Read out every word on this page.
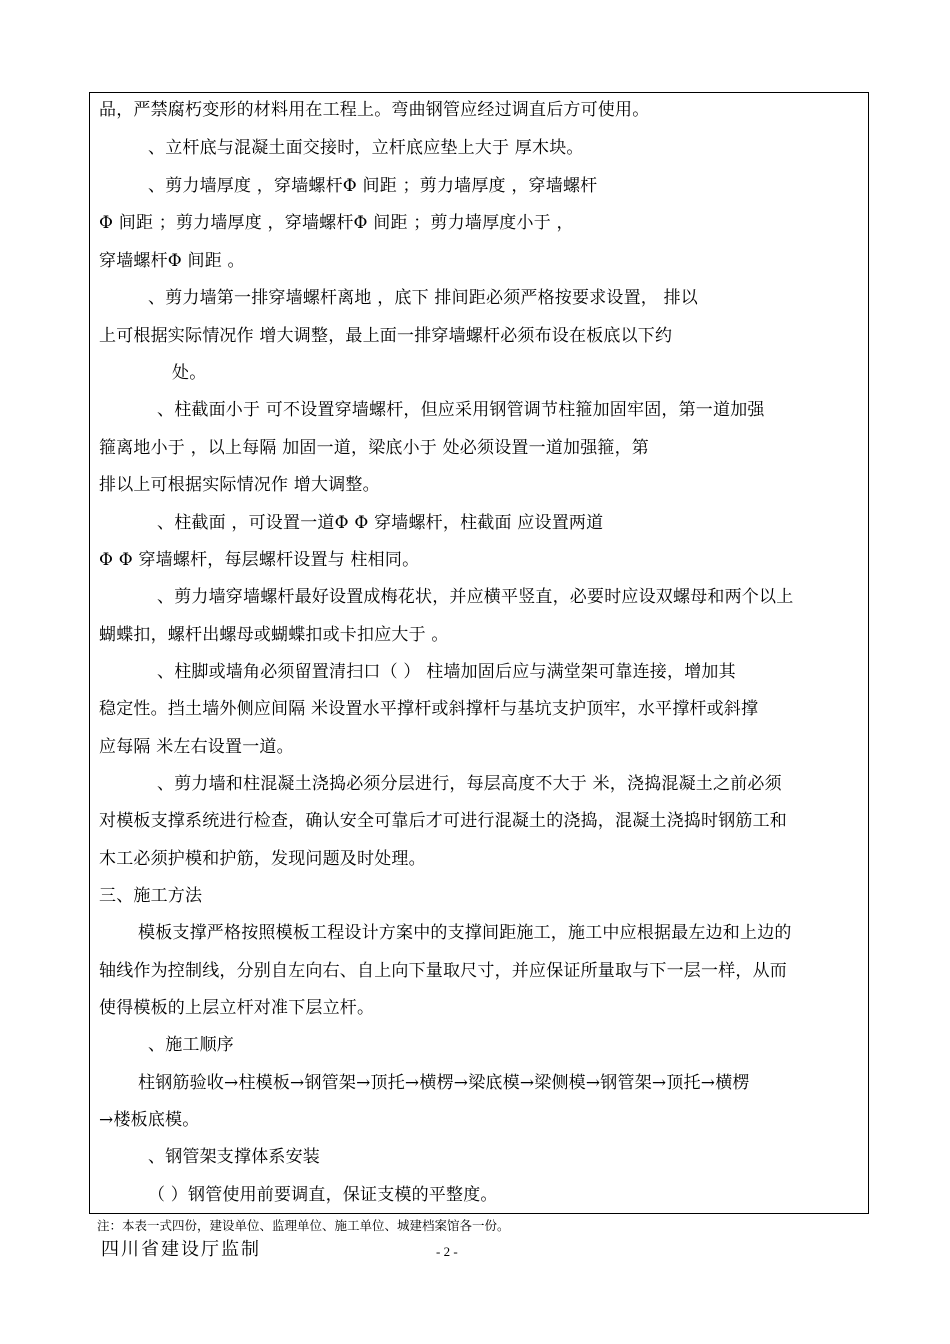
品，严禁腐朽变形的材料用在工程上。弯曲钢管应经过调直后方可使用。
、立杆底与混凝土面交接时，立杆底应垫上大于 厚木块。
、剪力墙厚度 ，穿墙螺杆Φ 间距 ；剪力墙厚度 ，穿墙螺杆
Φ 间距 ；剪力墙厚度 ，穿墙螺杆Φ 间距 ；剪力墙厚度小于 ，
穿墙螺杆Φ 间距 。
、剪力墙第一排穿墙螺杆离地 ，底下 排间距必须严格按要求设置， 排以
上可根据实际情况作 增大调整，最上面一排穿墙螺杆必须布设在板底以下约
处。
、柱截面小于 可不设置穿墙螺杆，但应采用钢管调节柱箍加固牢固，第一道加强
箍离地小于 ，以上每隔 加固一道，梁底小于 处必须设置一道加强箍，第
排以上可根据实际情况作 增大调整。
、柱截面 ，可设置一道Φ Φ 穿墙螺杆，柱截面 应设置两道
Φ Φ 穿墙螺杆，每层螺杆设置与 柱相同。
、剪力墙穿墙螺杆最好设置成梅花状，并应横平竖直，必要时应设双螺母和两个以上
蝴蝶扣，螺杆出螺母或蝴蝶扣或卡扣应大于 。
、柱脚或墙角必须留置清扫口（ ） 柱墙加固后应与满堂架可靠连接，增加其
稳定性。挡土墙外侧应间隔 米设置水平撑杆或斜撑杆与基坑支护顶牢，水平撑杆或斜撑
应每隔 米左右设置一道。
、剪力墙和柱混凝土浇捣必须分层进行，每层高度不大于 米，浇捣混凝土之前必须
对模板支撑系统进行检查，确认安全可靠后才可进行混凝土的浇捣，混凝土浇捣时钢筋工和
木工必须护模和护筋，发现问题及时处理。
三、施工方法
模板支撑严格按照模板工程设计方案中的支撑间距施工，施工中应根据最左边和上边的
轴线作为控制线，分别自左向右、自上向下量取尺寸，并应保证所量取与下一层一样，从而
使得模板的上层立杆对准下层立杆。
、施工顺序
柱钢筋验收→柱模板→钢管架→顶托→横楞→梁底模→梁侧模→钢管架→顶托→横楞
→楼板底模。
、钢管架支撑体系安装
（ ）钢管使用前要调直，保证支模的平整度。
注：本表一式四份，建设单位、监理单位、施工单位、城建档案馆各一份。
四川省建设厅监制	- 2 -
